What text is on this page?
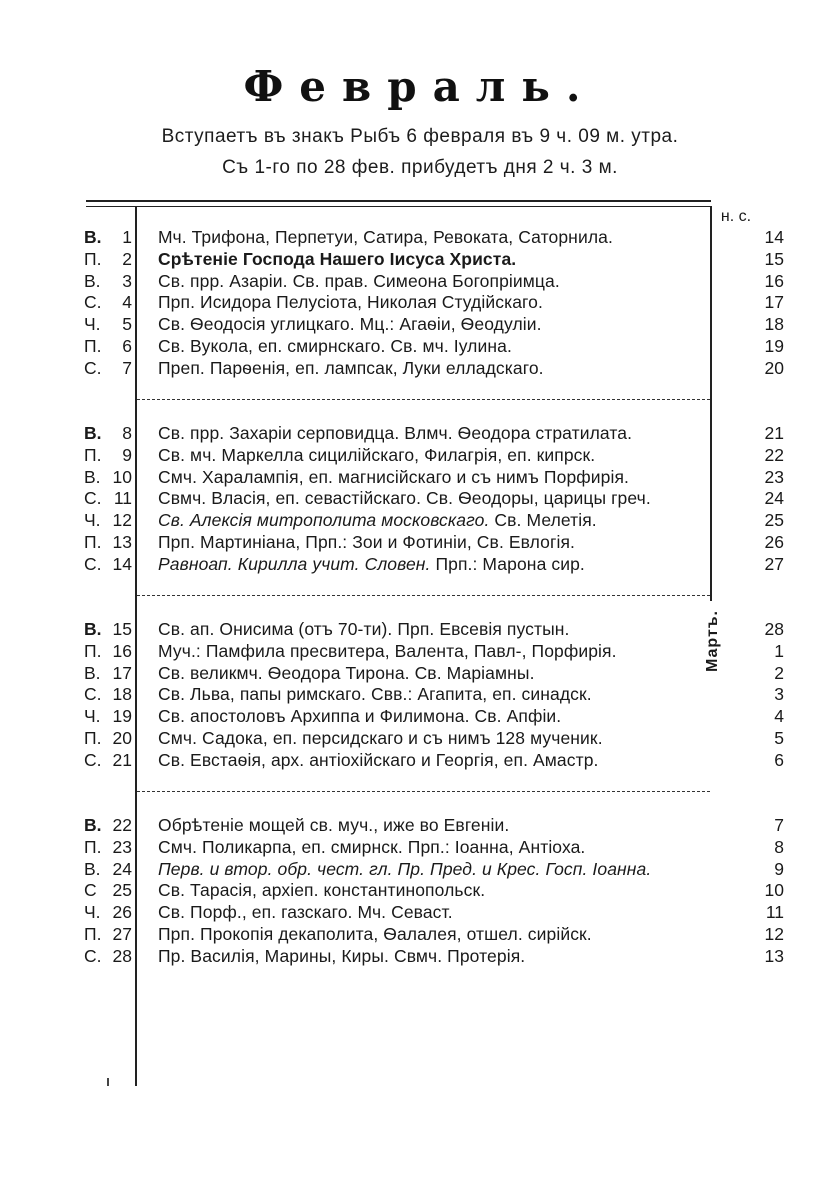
Февраль.
Вступаетъ въ знакъ Рыбъ 6 февраля въ 9 ч. 09 м. утра.
Съ 1-го по 28 фев. прибудетъ дня 2 ч. 3 м.
н. с.
В.	1 Мч. Трифона, Перпетуи, Сатира, Ревоката, Саторнила.	14
П.	2 Срѣтеніе Господа Нашего Іисуса Христа.	15
В.	3 Св. прр. Азаріи. Св. прав. Симеона Богопріимца.	16
С.	4 Прп. Исидора Пелусіота, Николая Студійскаго.	17
Ч.	5 Св. Ѳеодосія углицкаго. Мц.: Агаѳіи, Ѳеодуліи.	18
П.	6 Св. Вукола, еп. смирнскаго. Св. мч. Іулина.	19
С.	7 Преп. Парѳенія, еп. лампсак, Луки елладскаго.	20
В.	8 Св. прр. Захаріи серповидца. Влмч. Ѳеодора стратилата.	21
П.	9 Св. мч. Маркелла сицилійскаго, Филагрія, еп. кипрск.	22
В. 10 Смч. Харалампія, еп. магнисійскаго и съ нимъ Порфирія.	23
С. 11 Свмч. Власія, еп. севастійскаго. Св. Ѳеодоры, царицы греч.	24
Ч. 12 Св. Алексія митрополита московскаго. Св. Мелетія.	25
П. 13 Прп. Мартиніана, Прп.: Зои и Фотиніи, Св. Евлогія.	26
С. 14 Равноап. Кирилла учит. Словен. Прп.: Марона сир.	27
В. 15 Св. ап. Онисима (отъ 70-ти). Прп. Евсевія пустын.	28
П. 16 Муч.: Памфила пресвитера, Валента, Павл-, Порфирія.	1
В. 17 Св. великмч. Ѳеодора Тирона. Св. Маріамны.	2
С. 18 Св. Льва, папы римскаго. Свв.: Агапита, еп. синадск.	3
Ч. 19 Св. апостоловъ Архиппа и Филимона. Св. Апфіи.	4
П. 20 Смч. Садока, еп. персидскаго и съ нимъ 128 мученик.	5
С. 21 Св. Евстаѳія, арх. антіохійскаго и Георгія, еп. Амастр.	6
В. 22 Обрѣтеніе мощей св. муч., иже во Евгеніи.	7
П. 23 Смч. Поликарпа, еп. смирнск. Прп.: Іоанна, Антіоха.	8
В. 24 Перв. и втор. обр. чест. гл. Пр. Пред. и Крес. Госп. Іоанна.	9
С 25 Св. Тарасія, архіеп. константинопольск.	10
Ч. 26 Св. Порф., еп. газскаго. Мч. Севаст.	11
П. 27 Прп. Прокопія декаполита, Ѳалалея, отшел. сирійск.	12
С. 28 Пр. Василія, Марины, Киры. Свмч. Протерія.	13
Мартъ.
